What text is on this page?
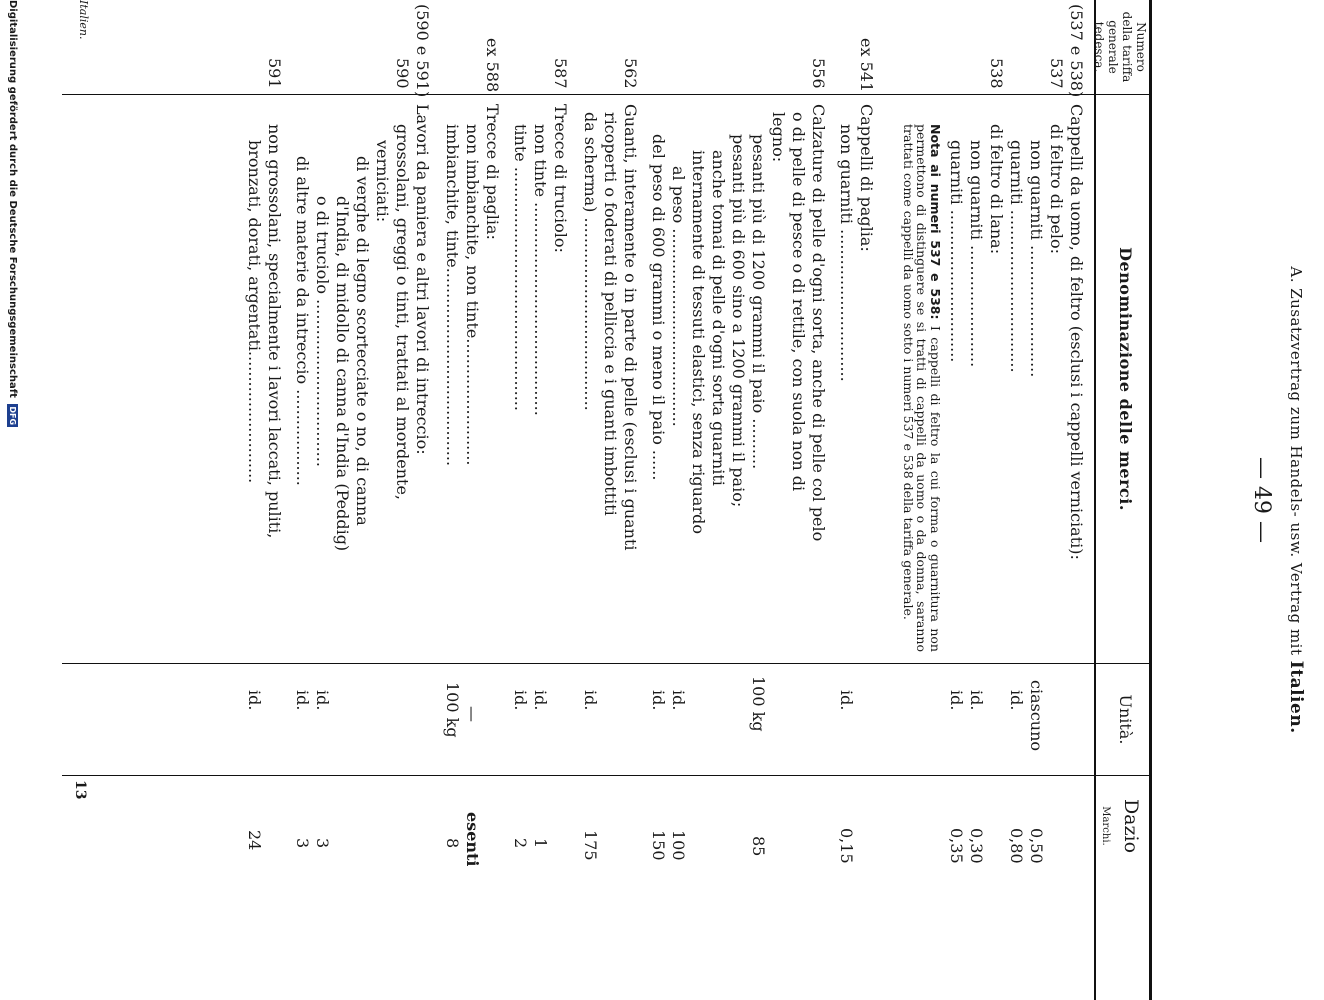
A. Zusatzvertrag zum Handels- usw. Vertrag mit Italien.
— 49 —
Numero
della tariffa
generale
tedesca.
Denominazione delle merci.
Unità.
Dazio
Marchi.
(537 e 538)
Cappelli da uomo, di feltro (esclusi i cappelli verniciati):
537
di feltro di pelo:
non guarniti ..........................
ciascuno
0,50
guarniti ................................
id.
0,80
538
di feltro di lana:
non guarniti ........................
id.
0,30
guarniti ..............................
id.
0,35
Nota ai numeri 537 e 538: I cappelli di feltro la cui forma o guarnitura non permettono di distinguere se si tratti di cappelli da uomo o da donna, saranno trattati come cappelli da uomo sotto i numeri 537 e 538 della tariffa generale.
ex 541
Cappelli di paglia:
non guarniti ..............................
id.
0,15
556
Calzature di pelle d'ogni sorta, anche di pelle col pelo
o di pelle di pesce o di rettile, con suola non di
legno:
pesanti più di 1200 grammi il paio ..........
100 kg
85
pesanti più di 600 sino a 1200 grammi il paio;
anche tomai di pelle d'ogni sorta guarniti
internamente di tessuti elastici, senza riguardo
al peso .......................................
id.
100
del peso di 600 grammi o meno il paio ......
id.
150
562
Guanti, interamente o in parte di pelle (esclusi i guanti
ricoperti o foderati di pelliccia e i guanti imbottiti
da scherma) ......................................
id.
175
587
Trecce di truciolo:
non tinte ..........................................
id.
1
tinte ................................................
id.
2
ex 588
Trecce di paglia:
non imbianchite, non tinte.........................
—
esenti
imbianchite, tinte.......................................
100 kg
8
(590 e 591)
Lavori da paniera e altri lavori di intreccio:
590
grossolani, greggi o tinti, trattati al mordente,
verniciati:
di verghe di legno scortecciate o no, di canna
d'India, di midollo di canna d'India (Peddig)
o di truciolo .................................
id.
3
di altre materie da intreccio ...................
id.
3
591
non grossolani, specialmente i lavori laccati, puliti,
bronzati, dorati, argentati..........................
id.
24
Italien.
13
Digitalisierung gefördert durch die Deutsche Forschungsgemeinschaft DFG
